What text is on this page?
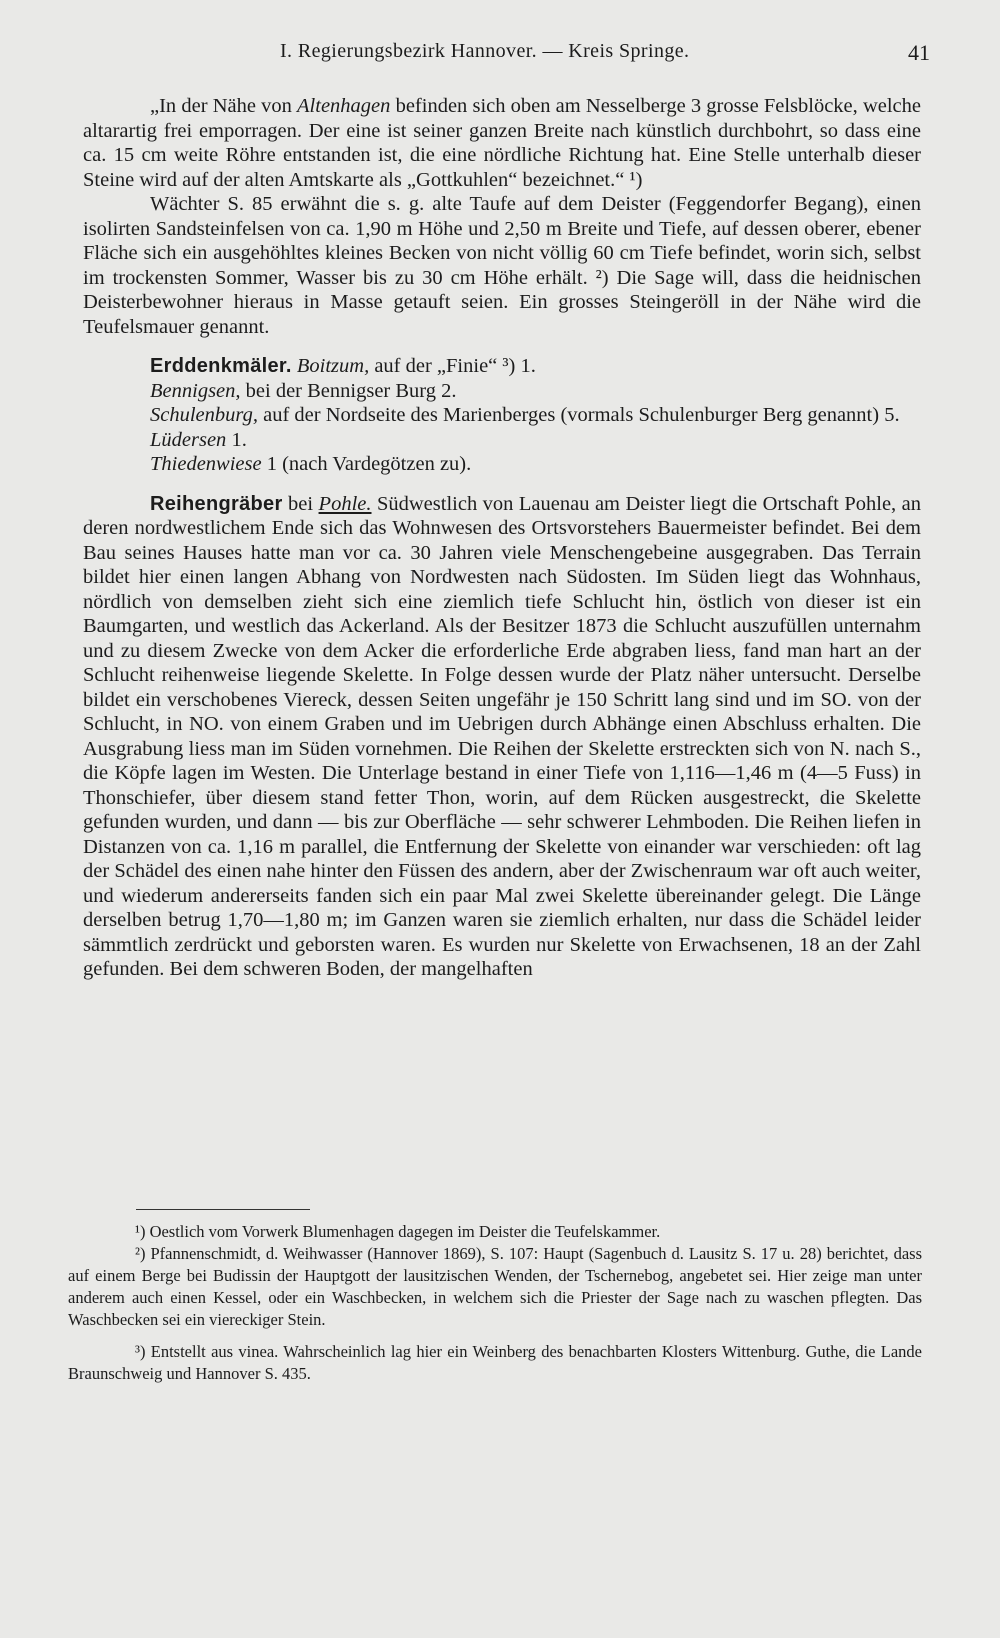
I. Regierungsbezirk Hannover. — Kreis Springe.	41

„In der Nähe von Altenhagen befinden sich oben am Nesselberge 3 grosse Felsblöcke, welche altarartig frei emporragen. Der eine ist seiner ganzen Breite nach künstlich durchbohrt, so dass eine ca. 15 cm weite Röhre entstanden ist, die eine nördliche Richtung hat. Eine Stelle unterhalb dieser Steine wird auf der alten Amtskarte als „Gottkuhlen“ bezeichnet.“ ¹)

Wächter S. 85 erwähnt die s. g. alte Taufe auf dem Deister (Feggendorfer Begang), einen isolirten Sandsteinfelsen von ca. 1,90 m Höhe und 2,50 m Breite und Tiefe, auf dessen oberer, ebener Fläche sich ein ausgehöhltes kleines Becken von nicht völlig 60 cm Tiefe befindet, worin sich, selbst im trockensten Sommer, Wasser bis zu 30 cm Höhe erhält. ²) Die Sage will, dass die heidnischen Deisterbewohner hieraus in Masse getauft seien. Ein grosses Steingeröll in der Nähe wird die Teufelsmauer genannt.

Erddenkmäler. Boitzum, auf der „Finie“ ³) 1.

Bennigsen, bei der Bennigser Burg 2.

Schulenburg, auf der Nordseite des Marienberges (vormals Schulenburger Berg genannt) 5.

Lüdersen 1.

Thiedenwiese 1 (nach Vardegötzen zu).

Reihengräber bei Pohle. Südwestlich von Lauenau am Deister liegt die Ortschaft Pohle, an deren nordwestlichem Ende sich das Wohnwesen des Ortsvorstehers Bauermeister befindet. Bei dem Bau seines Hauses hatte man vor ca. 30 Jahren viele Menschengebeine ausgegraben. Das Terrain bildet hier einen langen Abhang von Nordwesten nach Südosten. Im Süden liegt das Wohnhaus, nördlich von demselben zieht sich eine ziemlich tiefe Schlucht hin, östlich von dieser ist ein Baumgarten, und westlich das Ackerland. Als der Besitzer 1873 die Schlucht auszufüllen unternahm und zu diesem Zwecke von dem Acker die erforderliche Erde abgraben liess, fand man hart an der Schlucht reihenweise liegende Skelette. In Folge dessen wurde der Platz näher untersucht. Derselbe bildet ein verschobenes Viereck, dessen Seiten ungefähr je 150 Schritt lang sind und im SO. von der Schlucht, in NO. von einem Graben und im Uebrigen durch Abhänge einen Abschluss erhalten. Die Ausgrabung liess man im Süden vornehmen. Die Reihen der Skelette erstreckten sich von N. nach S., die Köpfe lagen im Westen. Die Unterlage bestand in einer Tiefe von 1,116—1,46 m (4—5 Fuss) in Thonschiefer, über diesem stand fetter Thon, worin, auf dem Rücken ausgestreckt, die Skelette gefunden wurden, und dann — bis zur Oberfläche — sehr schwerer Lehmboden. Die Reihen liefen in Distanzen von ca. 1,16 m parallel, die Entfernung der Skelette von einander war verschieden: oft lag der Schädel des einen nahe hinter den Füssen des andern, aber der Zwischenraum war oft auch weiter, und wiederum andererseits fanden sich ein paar Mal zwei Skelette übereinander gelegt. Die Länge derselben betrug 1,70—1,80 m; im Ganzen waren sie ziemlich erhalten, nur dass die Schädel leider sämmtlich zerdrückt und geborsten waren. Es wurden nur Skelette von Erwachsenen, 18 an der Zahl gefunden. Bei dem schweren Boden, der mangelhaften

¹) Oestlich vom Vorwerk Blumenhagen dagegen im Deister die Teufelskammer.

²) Pfannenschmidt, d. Weihwasser (Hannover 1869), S. 107: Haupt (Sagenbuch d. Lausitz S. 17 u. 28) berichtet, dass auf einem Berge bei Budissin der Hauptgott der lausitzischen Wenden, der Tschernebog, angebetet sei. Hier zeige man unter anderem auch einen Kessel, oder ein Waschbecken, in welchem sich die Priester der Sage nach zu waschen pflegten. Das Waschbecken sei ein viereckiger Stein.

³) Entstellt aus vinea. Wahrscheinlich lag hier ein Weinberg des benachbarten Klosters Wittenburg. Guthe, die Lande Braunschweig und Hannover S. 435.
